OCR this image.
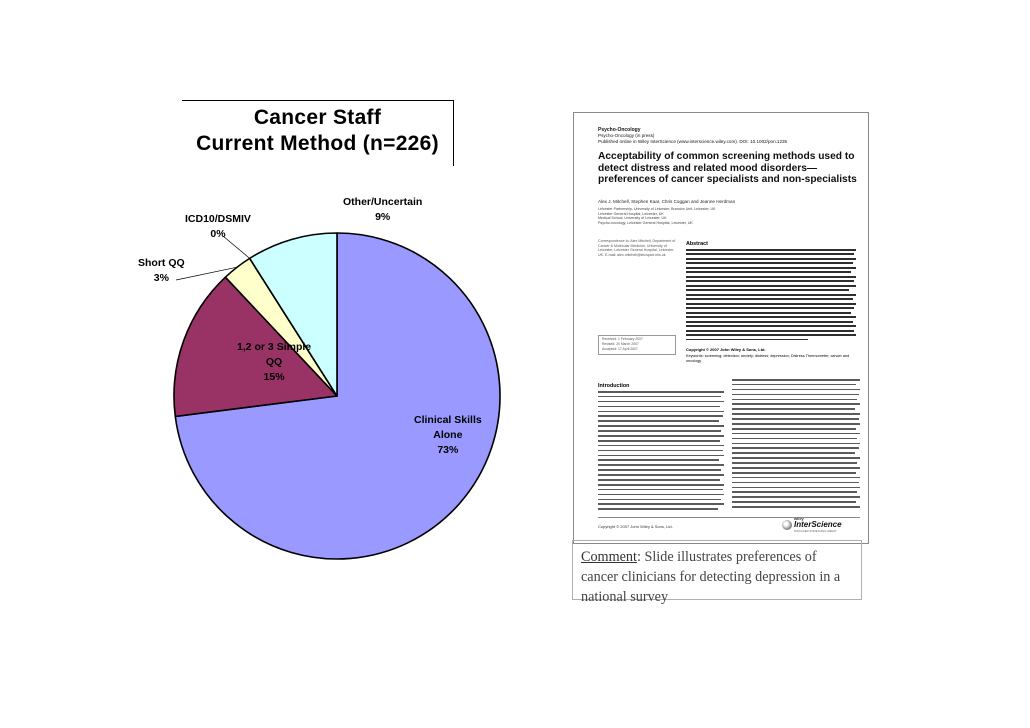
Cancer Staff
Current Method (n=226)
Clinical Skills
Alone
73%
1,2 or 3 Simple
QQ
15%
Short QQ
3%
ICD10/DSMIV
0%
Other/Uncertain
9%
Psycho-Oncology
Psycho-Oncology (in press)
Published online in Wiley InterScience (www.interscience.wiley.com). DOI: 10.1002/pon.1235
Acceptability of common screening methods used to detect distress and related mood disorders—preferences of cancer specialists and non-specialists
Alex J. Mitchell, Stephen Kaar, Chris Coggan and Jeanne Herdman
Leicester Partnership, University of Leicester, Brandon Unit, Leicester, UK
Leicester General Hospital, Leicester, UK
Medical School, University of Leicester, UK
Psycho-oncology, Leicester General Hospital, Leicester, UK
Correspondence to: Alex Mitchell, Department of Cancer & Molecular Medicine, University of Leicester, Leicester General Hospital, Leicester, UK. E-mail: alex.mitchell@leicspart.nhs.uk
Abstract
Received: 1 February 2007
Revised: 20 March 2007
Accepted: 17 April 2007	Copyright © 2007 John Wiley & Sons, Ltd.
Keywords: screening; detection; anxiety; distress; depression; Distress Thermometer; cancer and oncology
Introduction
Copyright © 2007 John Wiley & Sons, Ltd.
wiley
InterScience
DISCOVER SOMETHING GREAT
Comment: Slide illustrates preferences of cancer clinicians for detecting depression in a national survey
